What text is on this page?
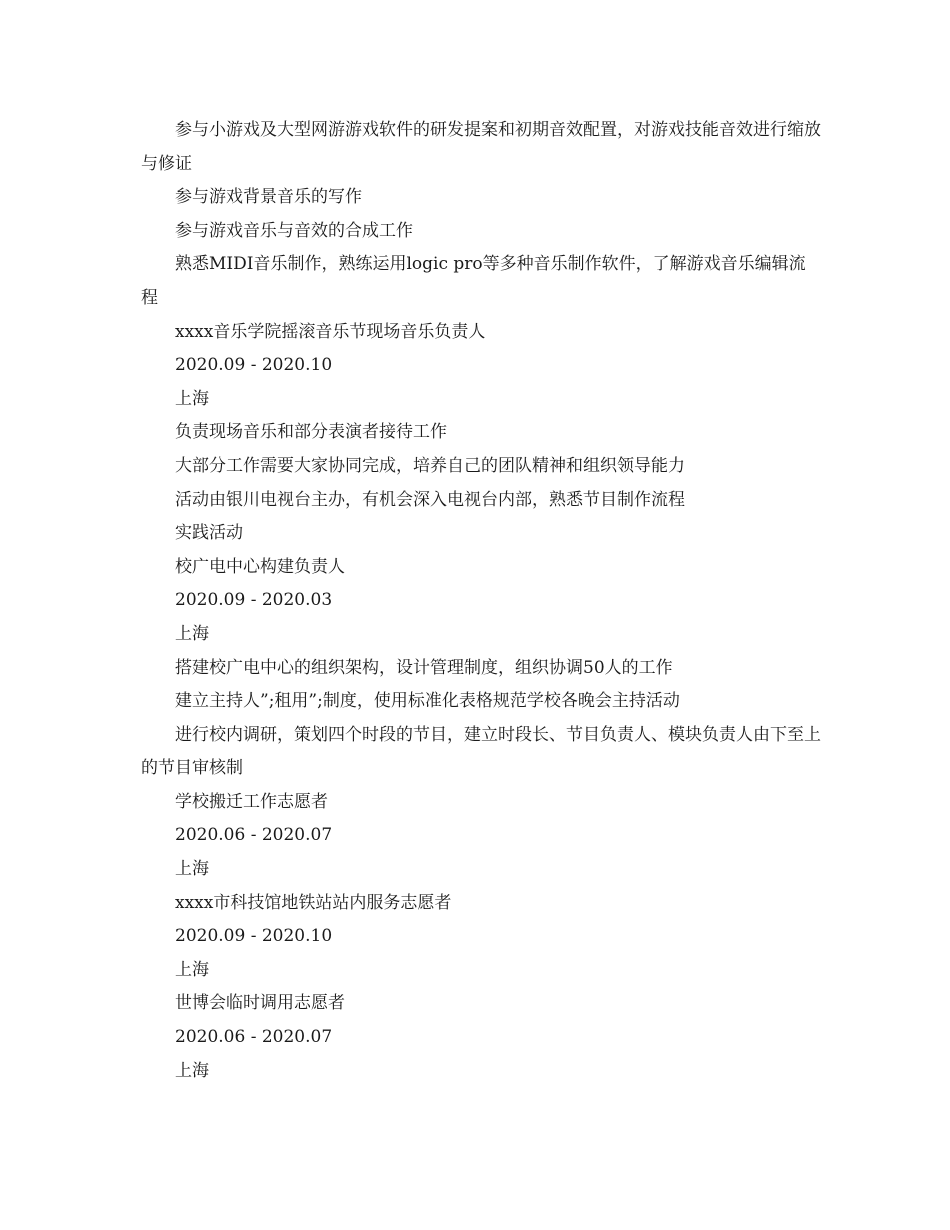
参与小游戏及大型网游游戏软件的研发提案和初期音效配置，对游戏技能音效进行缩放与修证

参与游戏背景音乐的写作

参与游戏音乐与音效的合成工作

熟悉MIDI音乐制作，熟练运用logic pro等多种音乐制作软件，了解游戏音乐编辑流程

xxxx音乐学院摇滚音乐节现场音乐负责人

2020.09 - 2020.10

上海

负责现场音乐和部分表演者接待工作

大部分工作需要大家协同完成，培养自己的团队精神和组织领导能力

活动由银川电视台主办，有机会深入电视台内部，熟悉节目制作流程

实践活动

校广电中心构建负责人

2020.09 - 2020.03

上海

搭建校广电中心的组织架构，设计管理制度，组织协调50人的工作

建立主持人”;租用”;制度，使用标准化表格规范学校各晚会主持活动

进行校内调研，策划四个时段的节目，建立时段长、节目负责人、模块负责人由下至上的节目审核制

学校搬迁工作志愿者

2020.06 - 2020.07

上海

xxxx市科技馆地铁站站内服务志愿者

2020.09 - 2020.10

上海

世博会临时调用志愿者

2020.06 - 2020.07

上海
